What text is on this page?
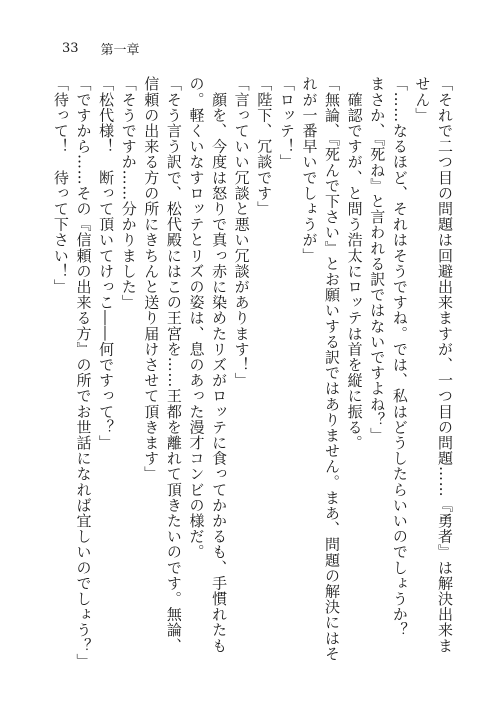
33 第一章

「それで二つ目の問題は回避出来ますが、一つ目の問題……『勇者』は解決出来ません」

「……なるほど、それはそうですね。では、私はどうしたらいいのでしょうか？　まさか、『死ね』と言われる訳ではないですよね？」

　確認ですが、と問う浩太にロッテは首を縦に振る。

「無論、『死んで下さい』とお願いする訳ではありません。まあ、問題の解決にはそれが一番早いでしょうが」

「ロッテ！」

「陛下、冗談です」

「言っていい冗談と悪い冗談があります！」

　顔を、今度は怒りで真っ赤に染めたリズがロッテに食ってかかるも、手慣れたもの。軽くいなすロッテとリズの姿は、息のあった漫才コンビの様だ。

「そう言う訳で、松代殿にはこの王宮を……王都を離れて頂きたいのです。無論、信頼の出来る方の所にきちんと送り届けさせて頂きます」

「そうですか……分かりました」

「松代様！　断って頂いてけっこ――何ですって？」

「ですから……その『信頼の出来る方』の所でお世話になれば宜しいのでしょう？」

「待って！　待って下さい！」
